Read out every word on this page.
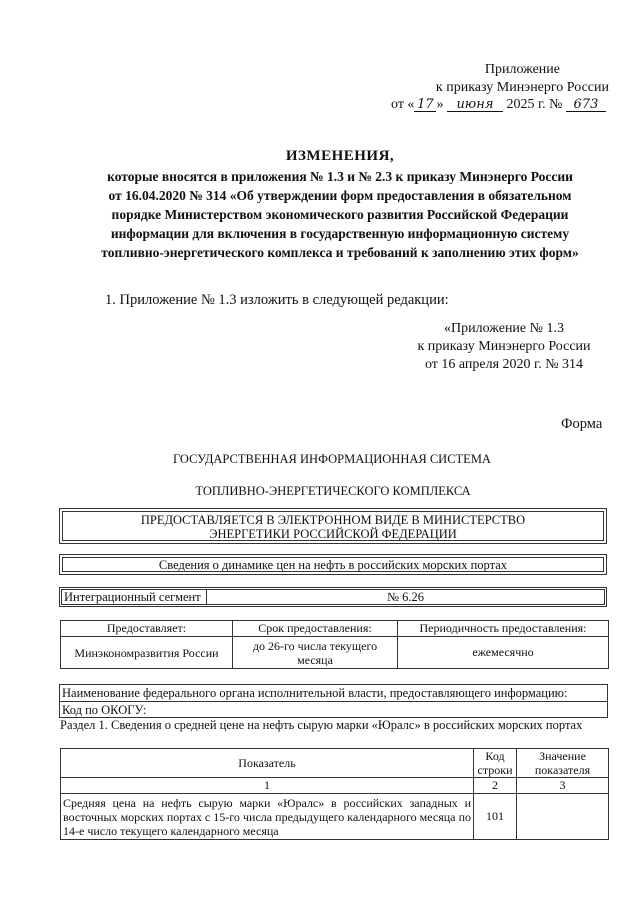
Приложение
к приказу Минэнерго России
от « 17 » июня 2025 г. № 673
ИЗМЕНЕНИЯ,
которые вносятся в приложения № 1.3 и № 2.3 к приказу Минэнерго России
от 16.04.2020 № 314 «Об утверждении форм предоставления в обязательном
порядке Министерством экономического развития Российской Федерации
информации для включения в государственную информационную систему
топливно-энергетического комплекса и требований к заполнению этих форм»
1. Приложение № 1.3 изложить в следующей редакции:
«Приложение № 1.3
к приказу Минэнерго России
от 16 апреля 2020 г. № 314
Форма
ГОСУДАРСТВЕННАЯ ИНФОРМАЦИОННАЯ СИСТЕМА
ТОПЛИВНО-ЭНЕРГЕТИЧЕСКОГО КОМПЛЕКСА
ПРЕДОСТАВЛЯЕТСЯ В ЭЛЕКТРОННОМ ВИДЕ В МИНИСТЕРСТВО
ЭНЕРГЕТИКИ РОССИЙСКОЙ ФЕДЕРАЦИИ
Сведения о динамике цен на нефть в российских морских портах
Интеграционный сегмент	№ 6.26
Предоставляет:	Срок предоставления:	Периодичность предоставления:
Минэкономразвития России	до 26-го числа текущего месяца	ежемесячно
Наименование федерального органа исполнительной власти, предоставляющего информацию:
Код по ОКОГУ:
Раздел 1. Сведения о средней цене на нефть сырую марки «Юралс» в российских морских портах
Показатель	Код строки	Значение показателя
1	2	3
Средняя цена на нефть сырую марки «Юралс» в российских западных и восточных морских портах с 15-го числа предыдущего календарного месяца по 14-е число текущего календарного месяца	101	
